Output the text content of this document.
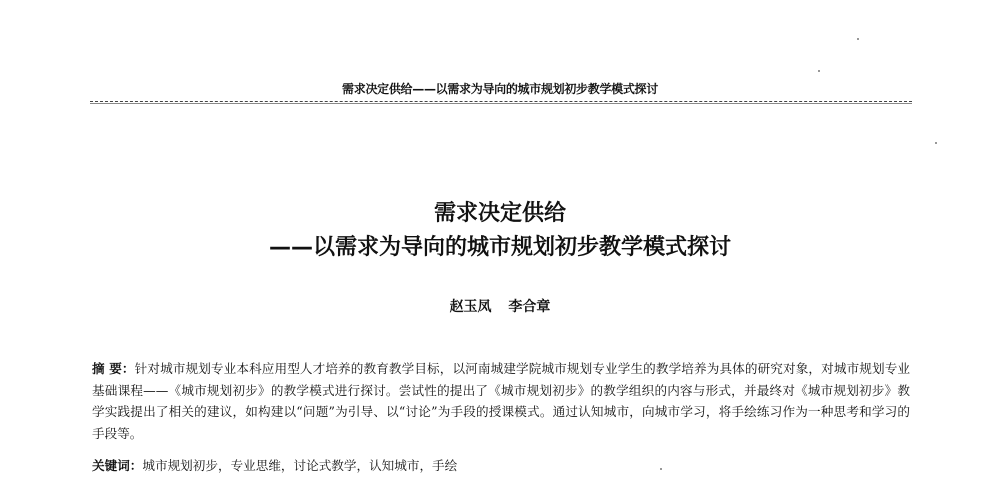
需求决定供给——以需求为导向的城市规划初步教学模式探讨
需求决定供给
——以需求为导向的城市规划初步教学模式探讨
赵玉凤 李合章
摘 要：针对城市规划专业本科应用型人才培养的教育教学目标，以河南城建学院城市规划专业学生的教学培养为具体的研究对象，对城市规划专业基础课程——《城市规划初步》的教学模式进行探讨。尝试性的提出了《城市规划初步》的教学组织的内容与形式，并最终对《城市规划初步》教学实践提出了相关的建议，如构建以“问题”为引导、以“讨论”为手段的授课模式。通过认知城市，向城市学习，将手绘练习作为一种思考和学习的手段等。
关键词：城市规划初步，专业思维，讨论式教学，认知城市，手绘
